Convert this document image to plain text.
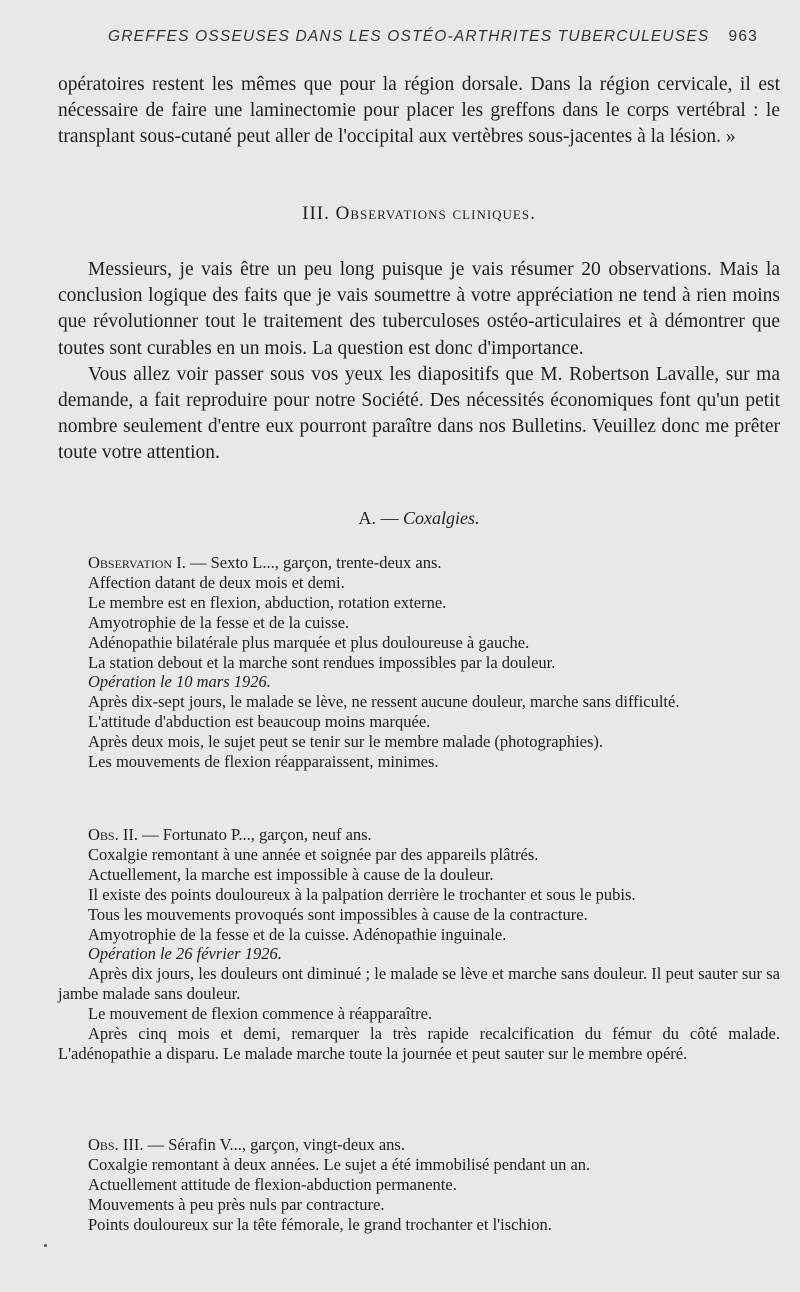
GREFFES OSSEUSES DANS LES OSTÉO-ARTHRITES TUBERCULEUSES 963

opératoires restent les mêmes que pour la région dorsale. Dans la région cervicale, il est nécessaire de faire une laminectomie pour placer les greffons dans le corps vertébral : le transplant sous-cutané peut aller de l'occipital aux vertèbres sous-jacentes à la lésion. »

III. Observations cliniques.

Messieurs, je vais être un peu long puisque je vais résumer 20 observations. Mais la conclusion logique des faits que je vais soumettre à votre appréciation ne tend à rien moins que révolutionner tout le traitement des tuberculoses ostéo-articulaires et à démontrer que toutes sont curables en un mois. La question est donc d'importance.

Vous allez voir passer sous vos yeux les diapositifs que M. Robertson Lavalle, sur ma demande, a fait reproduire pour notre Société. Des nécessités économiques font qu'un petit nombre seulement d'entre eux pourront paraître dans nos Bulletins. Veuillez donc me prêter toute votre attention.

A. — Coxalgies.

Observation I. — Sexto L..., garçon, trente-deux ans.

Affection datant de deux mois et demi.

Le membre est en flexion, abduction, rotation externe.

Amyotrophie de la fesse et de la cuisse.

Adénopathie bilatérale plus marquée et plus douloureuse à gauche.

La station debout et la marche sont rendues impossibles par la douleur.

Opération le 10 mars 1926.

Après dix-sept jours, le malade se lève, ne ressent aucune douleur, marche sans difficulté.

L'attitude d'abduction est beaucoup moins marquée.

Après deux mois, le sujet peut se tenir sur le membre malade (photographies).

Les mouvements de flexion réapparaissent, minimes.

Obs. II. — Fortunato P..., garçon, neuf ans.

Coxalgie remontant à une année et soignée par des appareils plâtrés.

Actuellement, la marche est impossible à cause de la douleur.

Il existe des points douloureux à la palpation derrière le trochanter et sous le pubis.

Tous les mouvements provoqués sont impossibles à cause de la contracture.

Amyotrophie de la fesse et de la cuisse. Adénopathie inguinale.

Opération le 26 février 1926.

Après dix jours, les douleurs ont diminué ; le malade se lève et marche sans douleur. Il peut sauter sur sa jambe malade sans douleur.

Le mouvement de flexion commence à réapparaître.

Après cinq mois et demi, remarquer la très rapide recalcification du fémur du côté malade. L'adénopathie a disparu. Le malade marche toute la journée et peut sauter sur le membre opéré.

Obs. III. — Sérafin V..., garçon, vingt-deux ans.

Coxalgie remontant à deux années. Le sujet a été immobilisé pendant un an.

Actuellement attitude de flexion-abduction permanente.

Mouvements à peu près nuls par contracture.

Points douloureux sur la tête fémorale, le grand trochanter et l'ischion.
